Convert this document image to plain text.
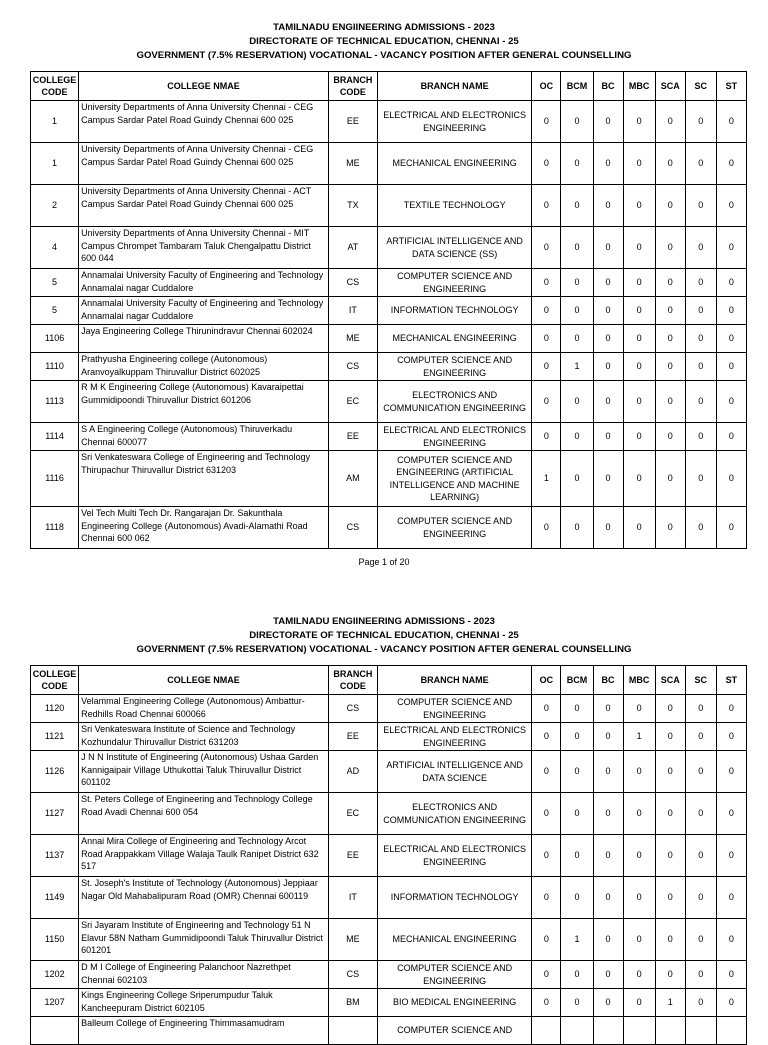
TAMILNADU ENGIINEERING ADMISSIONS - 2023
DIRECTORATE OF TECHNICAL EDUCATION, CHENNAI - 25
GOVERNMENT (7.5% RESERVATION) VOCATIONAL - VACANCY POSITION AFTER GENERAL COUNSELLING
COLLEGE CODE	COLLEGE NMAE	BRANCH CODE	BRANCH NAME	OC	BCM	BC	MBC	SCA	SC	ST
1	University Departments of Anna University Chennai - CEG Campus Sardar Patel Road Guindy Chennai 600 025	EE	ELECTRICAL AND ELECTRONICS ENGINEERING	0	0	0	0	0	0	0
1	University Departments of Anna University Chennai - CEG Campus Sardar Patel Road Guindy Chennai 600 025	ME	MECHANICAL ENGINEERING	0	0	0	0	0	0	0
2	University Departments of Anna University Chennai - ACT Campus Sardar Patel Road Guindy Chennai 600 025	TX	TEXTILE TECHNOLOGY	0	0	0	0	0	0	0
4	University Departments of Anna University Chennai - MIT Campus Chrompet Tambaram Taluk Chengalpattu District 600 044	AT	ARTIFICIAL INTELLIGENCE AND DATA SCIENCE (SS)	0	0	0	0	0	0	0
5	Annamalai University Faculty of Engineering and Technology Annamalai nagar Cuddalore	CS	COMPUTER SCIENCE AND ENGINEERING	0	0	0	0	0	0	0
5	Annamalai University Faculty of Engineering and Technology Annamalai nagar Cuddalore	IT	INFORMATION TECHNOLOGY	0	0	0	0	0	0	0
1106	Jaya Engineering College Thirunindravur Chennai 602024	ME	MECHANICAL ENGINEERING	0	0	0	0	0	0	0
1110	Prathyusha Engineering college (Autonomous) Aranvoyalkuppam Thiruvallur District 602025	CS	COMPUTER SCIENCE AND ENGINEERING	0	1	0	0	0	0	0
1113	R M K Engineering College (Autonomous) Kavaraipettai Gummidipoondi Thiruvallur District 601206	EC	ELECTRONICS AND COMMUNICATION ENGINEERING	0	0	0	0	0	0	0
1114	S A Engineering College (Autonomous) Thiruverkadu Chennai 600077	EE	ELECTRICAL AND ELECTRONICS ENGINEERING	0	0	0	0	0	0	0
1116	Sri Venkateswara College of Engineering and Technology Thirupachur Thiruvallur District 631203	AM	COMPUTER SCIENCE AND ENGINEERING (ARTIFICIAL INTELLIGENCE AND MACHINE LEARNING)	1	0	0	0	0	0	0
1118	Vel Tech Multi Tech Dr. Rangarajan Dr. Sakunthala Engineering College (Autonomous) Avadi-Alamathi Road Chennai 600 062	CS	COMPUTER SCIENCE AND ENGINEERING	0	0	0	0	0	0	0
Page 1 of 20
TAMILNADU ENGIINEERING ADMISSIONS - 2023
DIRECTORATE OF TECHNICAL EDUCATION, CHENNAI - 25
GOVERNMENT (7.5% RESERVATION) VOCATIONAL - VACANCY POSITION AFTER GENERAL COUNSELLING
COLLEGE CODE	COLLEGE NMAE	BRANCH CODE	BRANCH NAME	OC	BCM	BC	MBC	SCA	SC	ST
1120	Velammal Engineering College (Autonomous) Ambattur-Redhills Road Chennai 600066	CS	COMPUTER SCIENCE AND ENGINEERING	0	0	0	0	0	0	0
1121	Sri Venkateswara Institute of Science and Technology Kozhundalur Thiruvallur District 631203	EE	ELECTRICAL AND ELECTRONICS ENGINEERING	0	0	0	1	0	0	0
1126	J N N Institute of Engineering (Autonomous) Ushaa Garden Kannigaipair Village Uthukottai Taluk Thiruvallur District 601102	AD	ARTIFICIAL INTELLIGENCE AND DATA SCIENCE	0	0	0	0	0	0	0
1127	St. Peters College of Engineering and Technology College Road Avadi Chennai 600 054	EC	ELECTRONICS AND COMMUNICATION ENGINEERING	0	0	0	0	0	0	0
1137	Annai Mira College of Engineering and Technology Arcot Road Arappakkam Village Walaja Taulk Ranipet District 632 517	EE	ELECTRICAL AND ELECTRONICS ENGINEERING	0	0	0	0	0	0	0
1149	St. Joseph's Institute of Technology (Autonomous) Jeppiaar Nagar Old Mahabalipuram Road (OMR) Chennai 600119	IT	INFORMATION TECHNOLOGY	0	0	0	0	0	0	0
1150	Sri Jayaram Institute of Engineering and Technology 51 N Elavur 58N Natham Gummidipoondi Taluk Thiruvallur District 601201	ME	MECHANICAL ENGINEERING	0	1	0	0	0	0	0
1202	D M I College of Engineering Palanchoor Nazrethpet Chennai 602103	CS	COMPUTER SCIENCE AND ENGINEERING	0	0	0	0	0	0	0
1207	Kings Engineering College Sriperumpudur Taluk Kancheepuram District 602105	BM	BIO MEDICAL ENGINEERING	0	0	0	0	1	0	0
	Balleum College of Engineering Thimmasamudram		COMPUTER SCIENCE AND							
